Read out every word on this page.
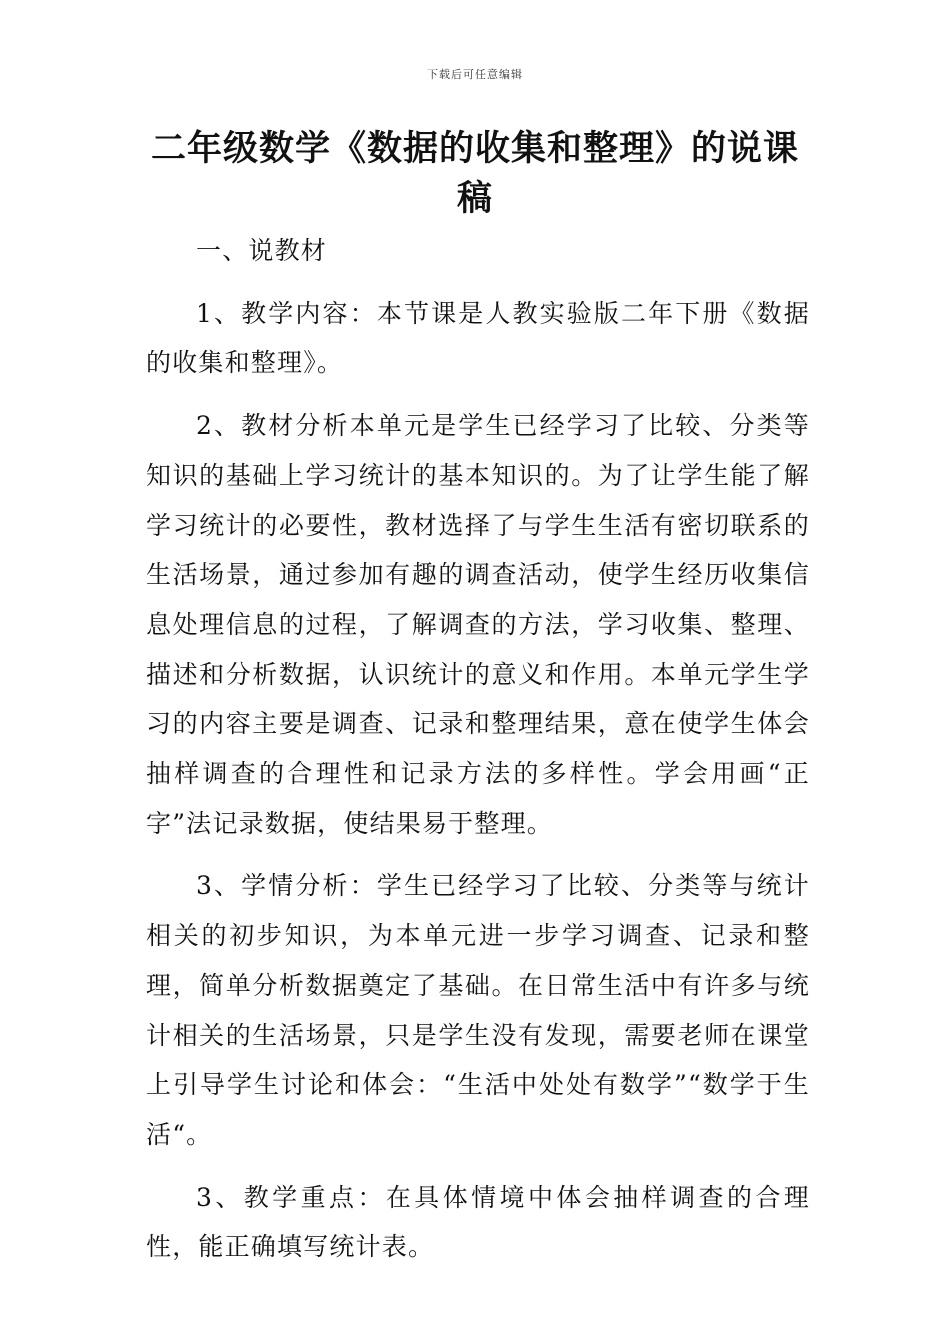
下载后可任意编辑
二年级数学《数据的收集和整理》的说课稿

一、说教材

1、教学内容：本节课是人教实验版二年下册《数据的收集和整理》。

2、教材分析本单元是学生已经学习了比较、分类等知识的基础上学习统计的基本知识的。为了让学生能了解学习统计的必要性，教材选择了与学生生活有密切联系的生活场景，通过参加有趣的调查活动，使学生经历收集信息处理信息的过程，了解调查的方法，学习收集、整理、描述和分析数据，认识统计的意义和作用。本单元学生学习的内容主要是调查、记录和整理结果，意在使学生体会抽样调查的合理性和记录方法的多样性。学会用画“正字”法记录数据，使结果易于整理。

3、学情分析：学生已经学习了比较、分类等与统计相关的初步知识，为本单元进一步学习调查、记录和整理，简单分析数据奠定了基础。在日常生活中有许多与统计相关的生活场景，只是学生没有发现，需要老师在课堂上引导学生讨论和体会：“生活中处处有数学”“数学于生活“。

3、教学重点：在具体情境中体会抽样调查的合理性，能正确填写统计表。
